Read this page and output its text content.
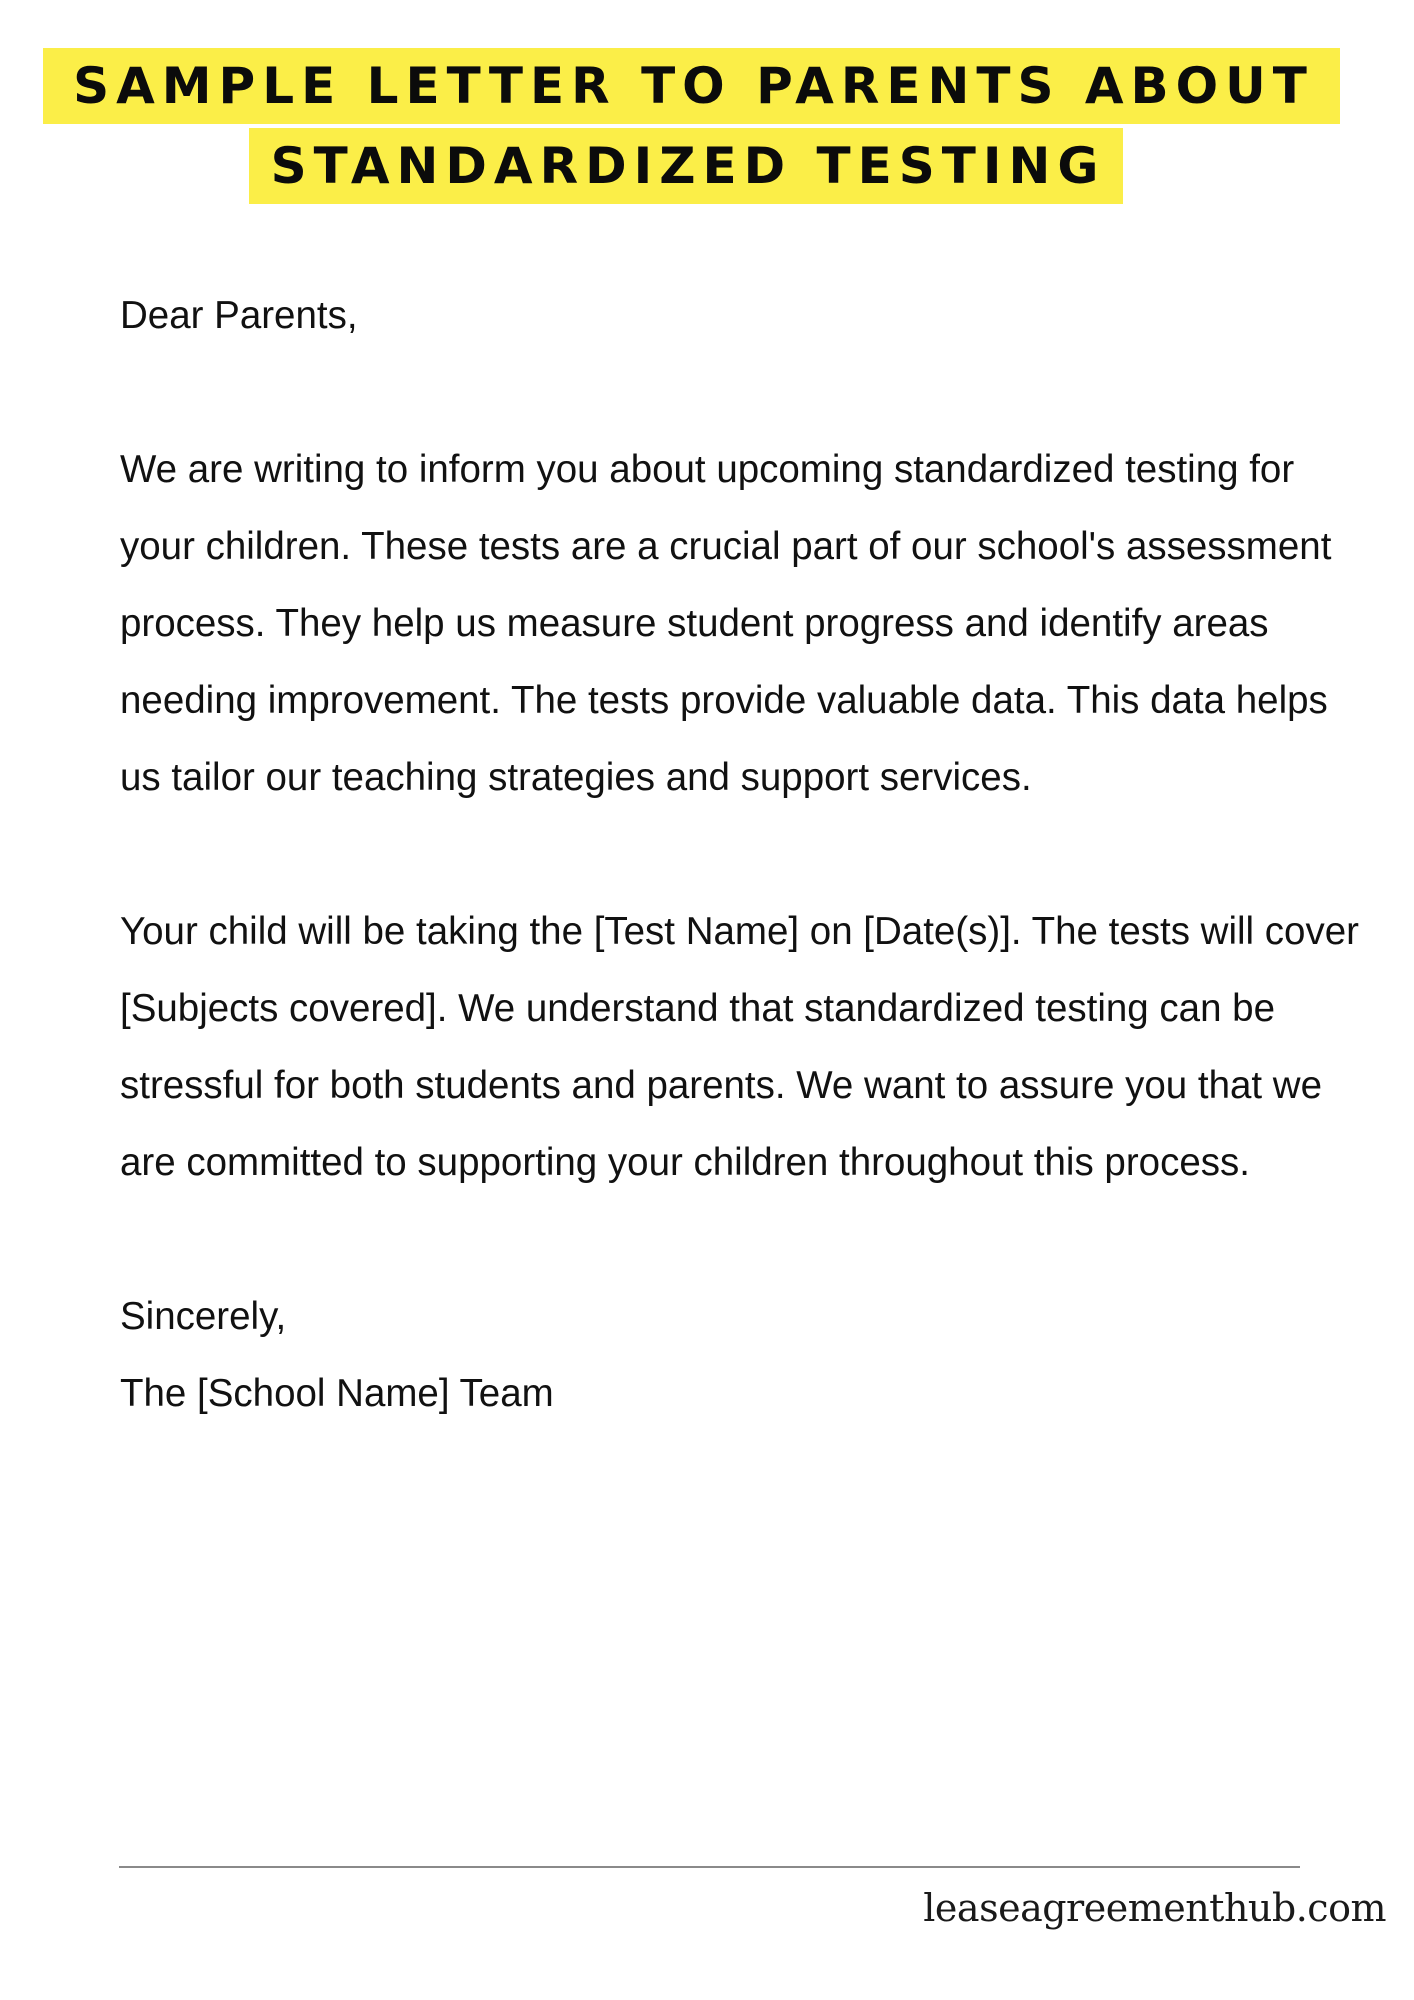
SAMPLE LETTER TO PARENTS ABOUT
STANDARDIZED TESTING

Dear Parents,

We are writing to inform you about upcoming standardized testing for your children. These tests are a crucial part of our school's assessment process. They help us measure student progress and identify areas needing improvement. The tests provide valuable data. This data helps us tailor our teaching strategies and support services.

Your child will be taking the [Test Name] on [Date(s)]. The tests will cover [Subjects covered]. We understand that standardized testing can be stressful for both students and parents. We want to assure you that we are committed to supporting your children throughout this process.

Sincerely,

The [School Name] Team

leaseagreementhub.com
